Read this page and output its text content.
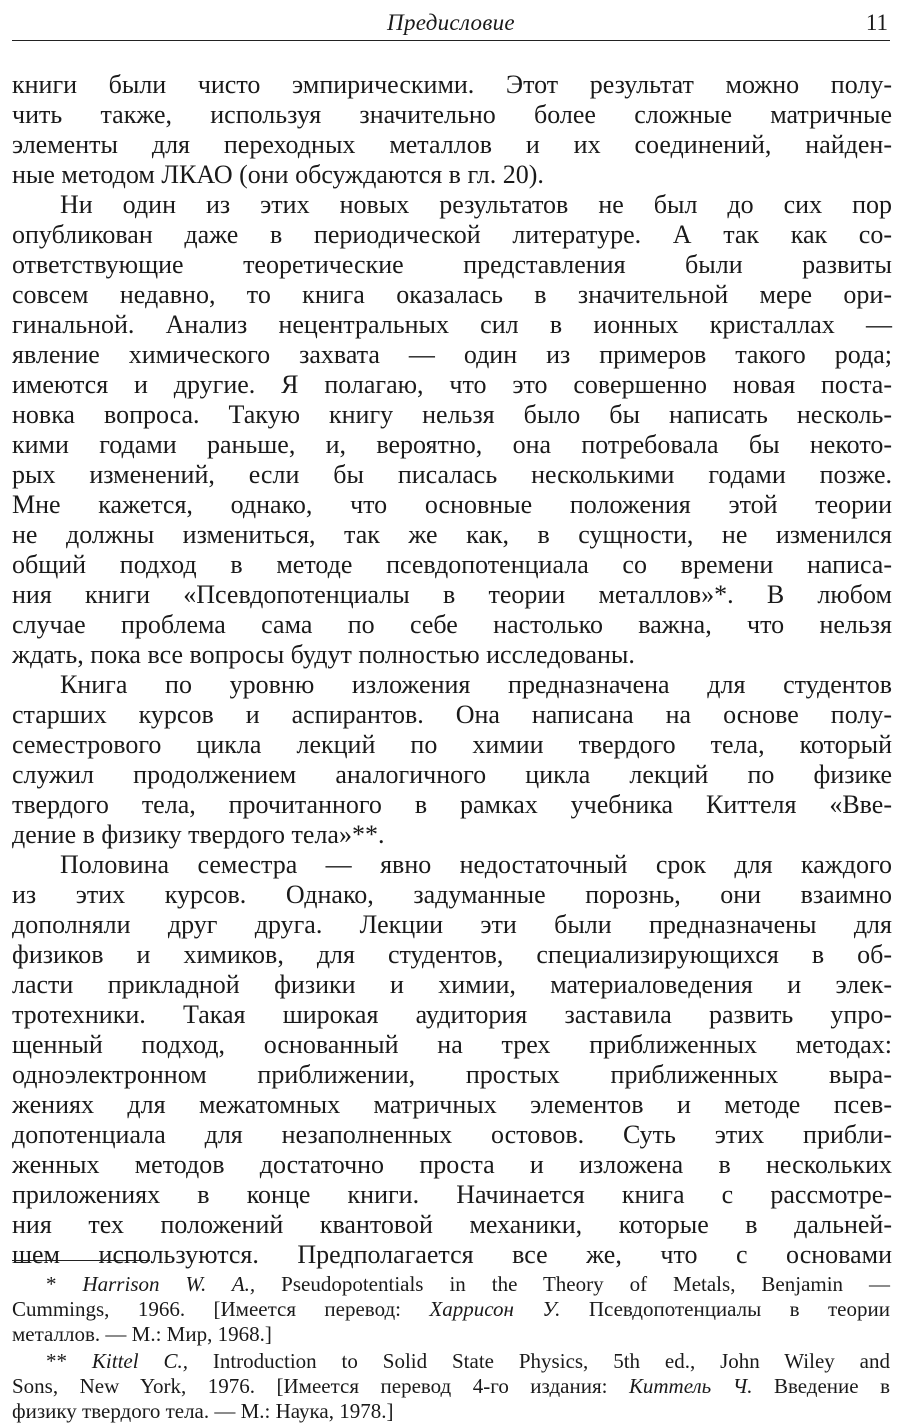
Предисловие	11
книги были чисто эмпирическими. Этот результат можно полу-
чить также, используя значительно более сложные матричные
элементы для переходных металлов и их соединений, найден-
ные методом ЛКАО (они обсуждаются в гл. 20).
Ни один из этих новых результатов не был до сих пор
опубликован даже в периодической литературе. А так как со-
ответствующие теоретические представления были развиты
совсем недавно, то книга оказалась в значительной мере ори-
гинальной. Анализ нецентральных сил в ионных кристаллах —
явление химического захвата — один из примеров такого рода;
имеются и другие. Я полагаю, что это совершенно новая поста-
новка вопроса. Такую книгу нельзя было бы написать несколь-
кими годами раньше, и, вероятно, она потребовала бы некото-
рых изменений, если бы писалась несколькими годами позже.
Мне кажется, однако, что основные положения этой теории
не должны измениться, так же как, в сущности, не изменился
общий подход в методе псевдопотенциала со времени написа-
ния книги «Псевдопотенциалы в теории металлов»*. В любом
случае проблема сама по себе настолько важна, что нельзя
ждать, пока все вопросы будут полностью исследованы.
Книга по уровню изложения предназначена для студентов
старших курсов и аспирантов. Она написана на основе полу-
семестрового цикла лекций по химии твердого тела, который
служил продолжением аналогичного цикла лекций по физике
твердого тела, прочитанного в рамках учебника Киттеля «Вве-
дение в физику твердого тела»**.
Половина семестра — явно недостаточный срок для каждого
из этих курсов. Однако, задуманные порознь, они взаимно
дополняли друг друга. Лекции эти были предназначены для
физиков и химиков, для студентов, специализирующихся в об-
ласти прикладной физики и химии, материаловедения и элек-
тротехники. Такая широкая аудитория заставила развить упро-
щенный подход, основанный на трех приближенных методах:
одноэлектронном приближении, простых приближенных выра-
жениях для межатомных матричных элементов и методе псев-
допотенциала для незаполненных остовов. Суть этих прибли-
женных методов достаточно проста и изложена в нескольких
приложениях в конце книги. Начинается книга с рассмотре-
ния тех положений квантовой механики, которые в дальней-
шем используются. Предполагается все же, что с основами
* Harrison W. A., Pseudopotentials in the Theory of Metals, Benjamin —
Cummings, 1966. [Имеется перевод: Харрисон У. Псевдопотенциалы в теории
металлов. — М.: Мир, 1968.]
** Kittel C., Introduction to Solid State Physics, 5th ed., John Wiley and
Sons, New York, 1976. [Имеется перевод 4-го издания: Киттель Ч. Введение в
физику твердого тела. — М.: Наука, 1978.]
